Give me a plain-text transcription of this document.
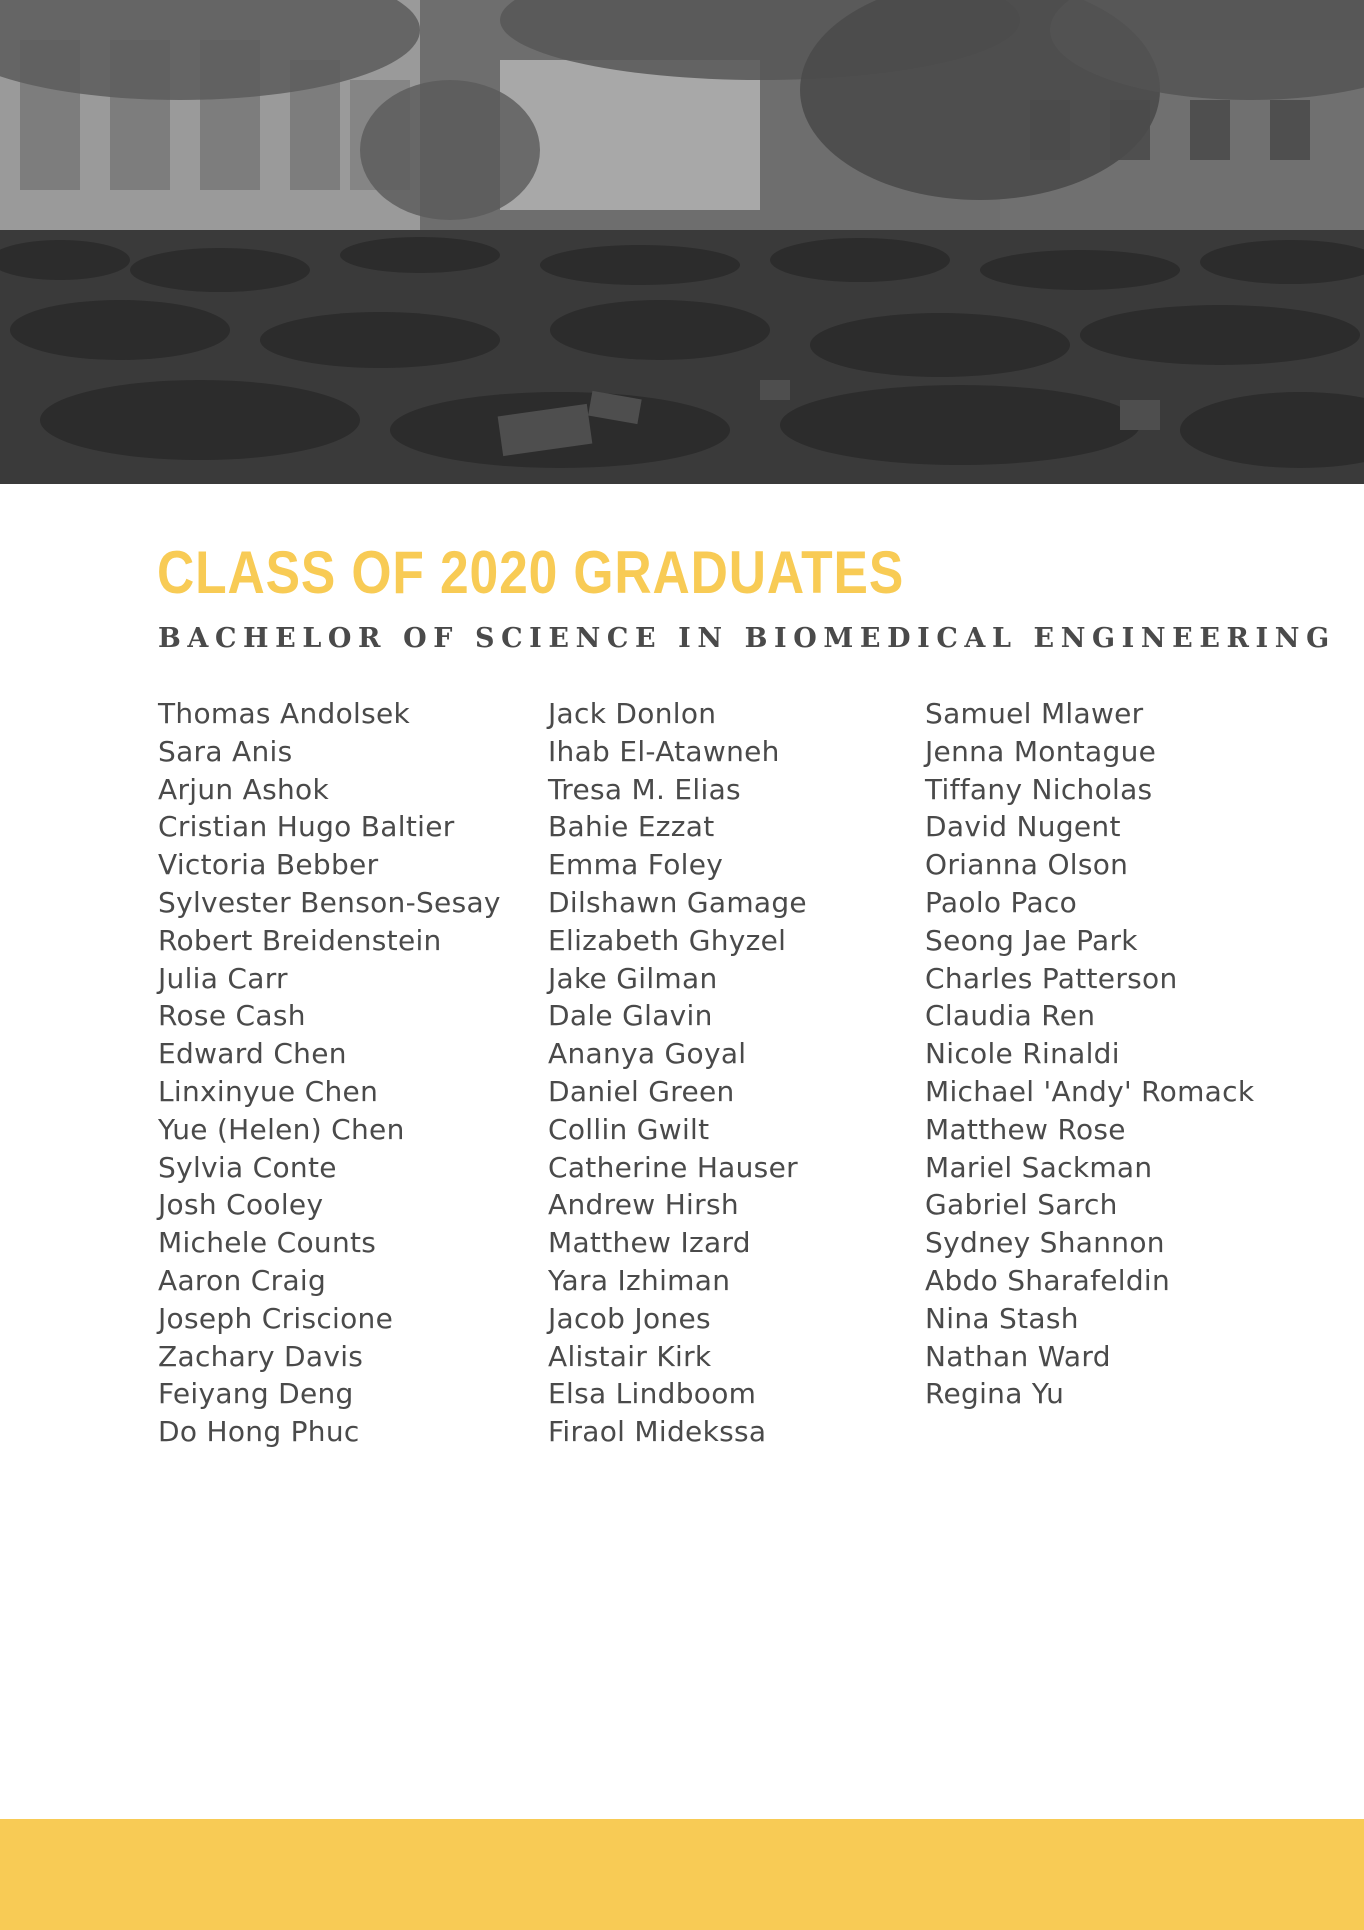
CLASS OF 2020 GRADUATES
BACHELOR OF SCIENCE IN BIOMEDICAL ENGINEERING
Thomas Andolsek
Sara Anis
Arjun Ashok
Cristian Hugo Baltier
Victoria Bebber
Sylvester Benson-Sesay
Robert Breidenstein
Julia Carr
Rose Cash
Edward Chen
Linxinyue Chen
Yue (Helen) Chen
Sylvia Conte
Josh Cooley
Michele Counts
Aaron Craig
Joseph Criscione
Zachary Davis
Feiyang Deng
Do Hong Phuc
Jack Donlon
Ihab El-Atawneh
Tresa M. Elias
Bahie Ezzat
Emma Foley
Dilshawn Gamage
Elizabeth Ghyzel
Jake Gilman
Dale Glavin
Ananya Goyal
Daniel Green
Collin Gwilt
Catherine Hauser
Andrew Hirsh
Matthew Izard
Yara Izhiman
Jacob Jones
Alistair Kirk
Elsa Lindboom
Firaol Midekssa
Samuel Mlawer
Jenna Montague
Tiffany Nicholas
David Nugent
Orianna Olson
Paolo Paco
Seong Jae Park
Charles Patterson
Claudia Ren
Nicole Rinaldi
Michael 'Andy' Romack
Matthew Rose
Mariel Sackman
Gabriel Sarch
Sydney Shannon
Abdo Sharafeldin
Nina Stash
Nathan Ward
Regina Yu
